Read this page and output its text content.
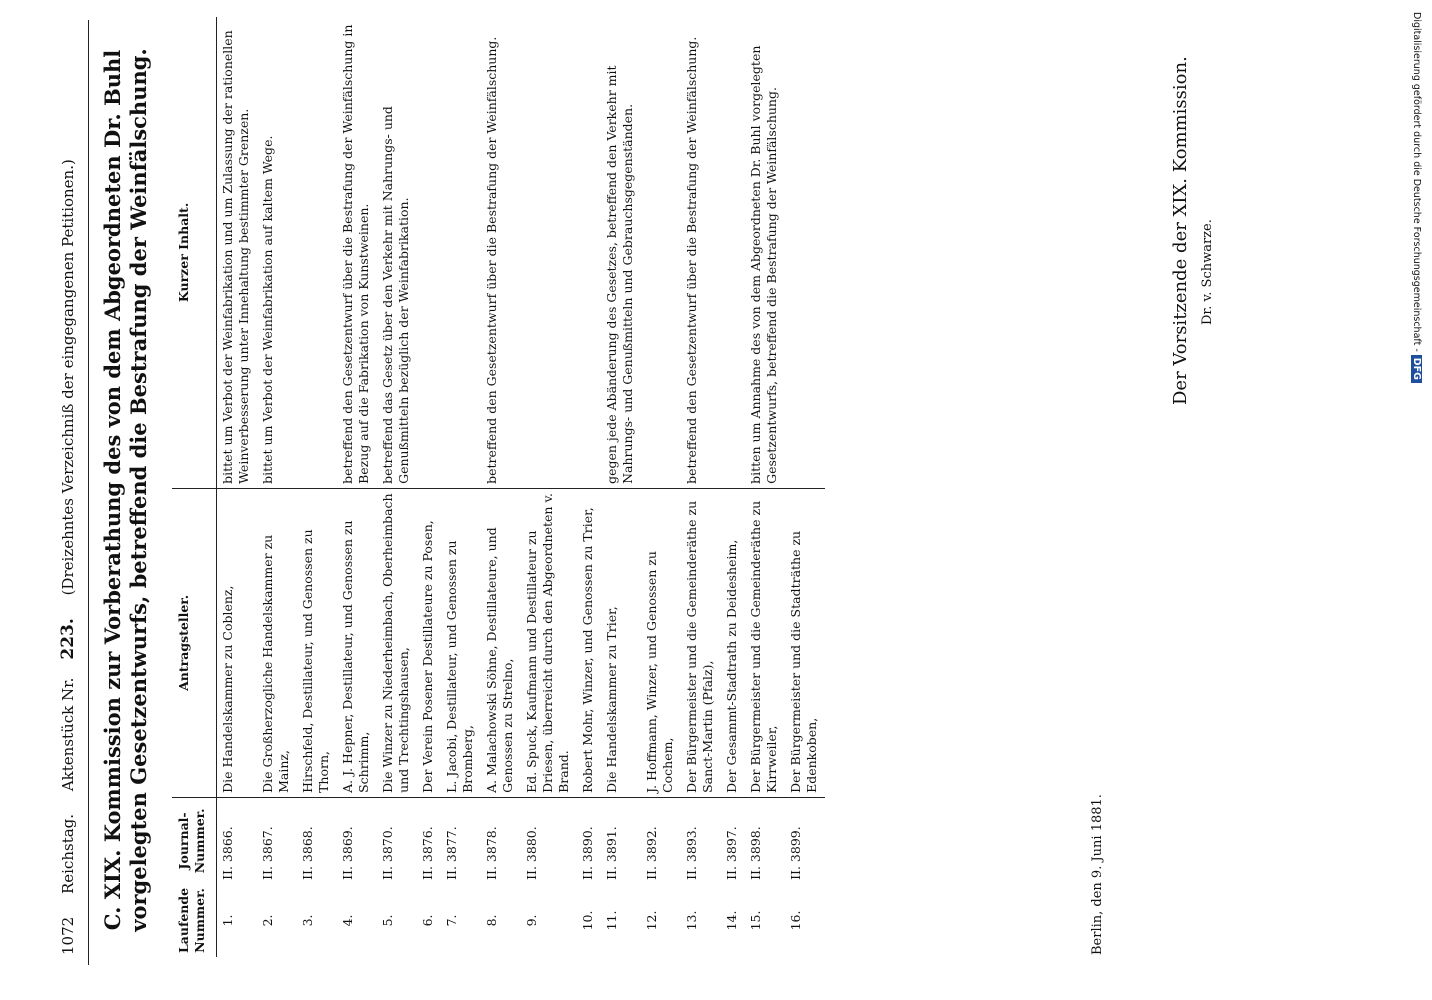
1072 Reichstag. Aktenstück Nr.223. (Dreizehntes Verzeichniß der eingegangenen Petitionen.) C. XIX. Kommission zur Vorberathung des von dem Abgeordneten Dr. Buhl vorgelegten Gesetzentwurfs, betreffend die Bestrafung der Weinfälschung. Laufende Nummer.	Journal-Nummer.	Antragsteller.	Kurzer Inhalt.
1.	II. 3866.	Die Handelskammer zu Coblenz,	bittet um Verbot der Weinfabrikation und um Zulassung der rationellen Weinverbesserung unter Innehaltung bestimmter Grenzen.
2.	II. 3867.	Die Großherzogliche Handelskammer zu Mainz,	bittet um Verbot der Weinfabrikation auf kaltem Wege.
3.	II. 3868.	Hirschfeld, Destillateur, und Genossen zu Thorn,	
4.	II. 3869.	A. J. Hepner, Destillateur, und Genossen zu Schrimm,	betreffend den Gesetzentwurf über die Bestrafung der Weinfälschung in Bezug auf die Fabrikation von Kunstweinen.
5.	II. 3870.	Die Winzer zu Niederheimbach, Oberheimbach und Trechtingshausen,	betreffend das Gesetz über den Verkehr mit Nahrungs- und Genußmitteln bezüglich der Weinfabrikation.
6.	II. 3876.	Der Verein Posener Destillateure zu Posen,	
7.	II. 3877.	L. Jacobi, Destillateur, und Genossen zu Bromberg,	
8.	II. 3878.	A. Malachowski Söhne, Destillateure, und Genossen zu Strelno,	betreffend den Gesetzentwurf über die Bestrafung der Weinfälschung.
9.	II. 3880.	Ed. Spuck, Kaufmann und Destillateur zu Driesen, überreicht durch den Abgeordneten v. Brand.	
10.	II. 3890.	Robert Mohr, Winzer, und Genossen zu Trier,	
11.	II. 3891.	Die Handelskammer zu Trier,	gegen jede Abänderung des Gesetzes, betreffend den Verkehr mit Nahrungs- und Genußmitteln und Gebrauchsgegenständen.
12.	II. 3892.	J. Hoffmann, Winzer, und Genossen zu Cochem,	
13.	II. 3893.	Der Bürgermeister und die Gemeinderäthe zu Sanct-Martin (Pfalz),	betreffend den Gesetzentwurf über die Bestrafung der Weinfälschung.
14.	II. 3897.	Der Gesammt-Stadtrath zu Deidesheim,	
15.	II. 3898.	Der Bürgermeister und die Gemeinderäthe zu Kirrweiler,	bitten um Annahme des von dem Abgeordneten Dr. Buhl vorgelegten Gesetzentwurfs, betreffend die Bestrafung der Weinfälschung.
16.	II. 3899.	Der Bürgermeister und die Stadträthe zu Edenkoben,	
Berlin, den 9. Juni 1881.
Der Vorsitzende der XIX. Kommission. Dr. v. Schwarze.	Digitalisierung gefördert durch die Deutsche Forschungsgemeinschaft -DFG
